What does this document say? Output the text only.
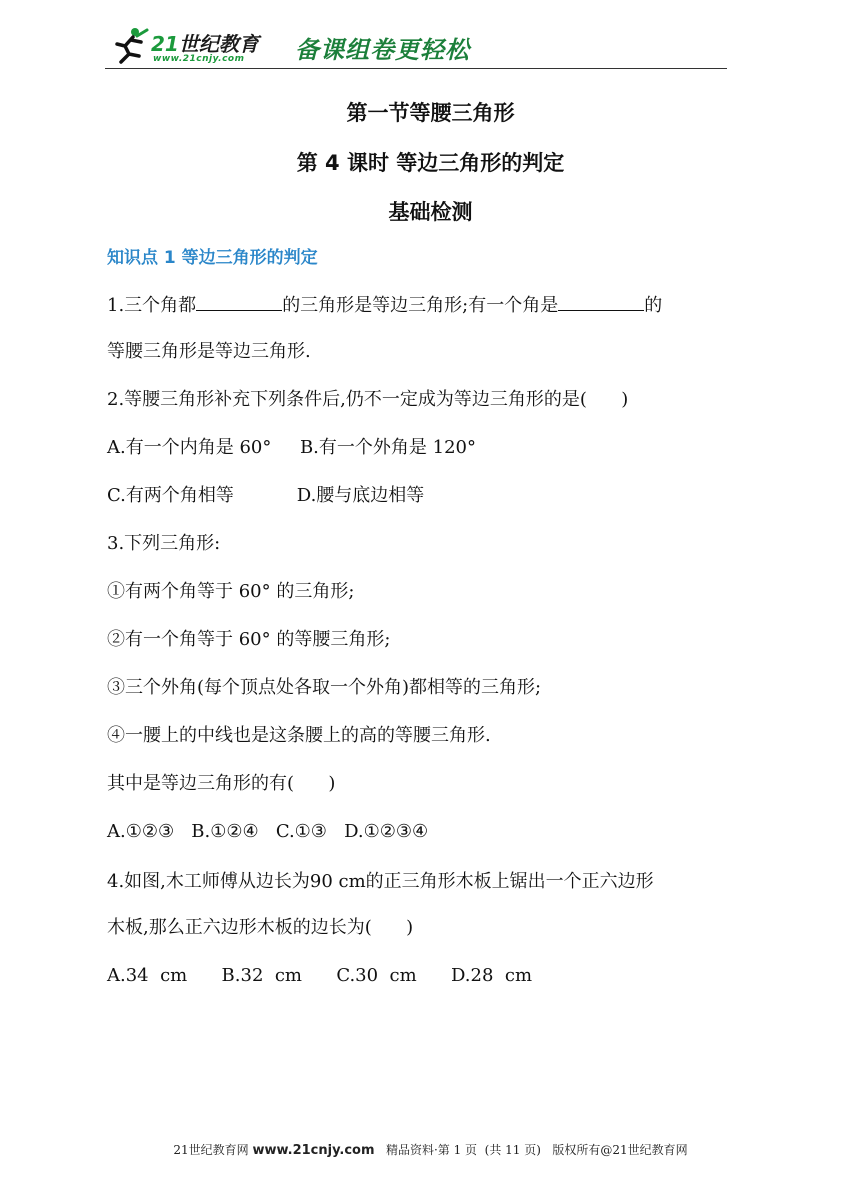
21世纪教育
www.21cnjy.com 备课组卷更轻松
第一节等腰三角形
第 4 课时 等边三角形的判定
基础检测
知识点 1 等边三角形的判定
1.三个角都	的三角形是等边三角形;有一个角是	的
等腰三角形是等边三角形.
2.等腰三角形补充下列条件后,仍不一定成为等边三角形的是(      )
A.有一个内角是 60°     B.有一个外角是 120°
C.有两个角相等           D.腰与底边相等
3.下列三角形:
①有两个角等于 60° 的三角形;
②有一个角等于 60° 的等腰三角形;
③三个外角(每个顶点处各取一个外角)都相等的三角形;
④一腰上的中线也是这条腰上的高的等腰三角形.
其中是等边三角形的有(      )
A.①②③   B.①②④   C.①③   D.①②③④
4.如图,木工师傅从边长为90 cm的正三角形木板上锯出一个正六边形
木板,那么正六边形木板的边长为(      )
A.34  cm      B.32  cm      C.30  cm      D.28  cm
21世纪教育网 www.21cnjy.com   精品资料·第 1 页  (共 11 页)   版权所有@21世纪教育网
